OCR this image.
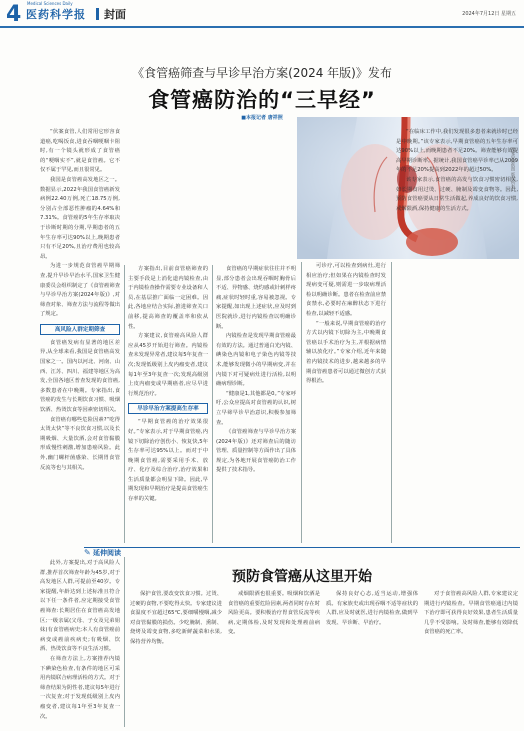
4 Medical Sciences Daily
医药科学报 封面	2024年7月12日 星期五
《食管癌筛查与早诊早治方案(2024 年版)》发布
食管癌防治的“三早经”
■本报记者 唐祥照
视觉中国供图 版权所有

“伏案食管,人们常用它形容食道癌,吃喝饭食,进食吞咽哽咽卡阻时,有一个镜头就形成了食管癌的“哽咽实不”,就是食管癌。它不仅不属于罕见,而且很常见。

我国是食管癌高发地区之一。数据显示,2022年我国食管癌新发病例22.40万例,死亡18.75万例,分别占全部恶性肿瘤的4.64%和7.31%。食管癌的5年生存率取决于诊断时期的分期,早期患者的五年生存率可达90%以上,晚期患者只有不足20%,且治疗费用也较高昂。

为进一步规范食管癌早期筛查,提升早诊早治水平,国家卫生健康委员会组织制定了《食管癌筛查与早诊早治方案(2024年版)》,对筛查对象、筛查方法与流程等做出了规定。

高风险人群定期筛查

食管癌发病有显著的地区差异,从全球来看,我国是食管癌高发国家之一。国内以河北、河南、山西、江苏、四川、福建等地区为高发,全国各地区普查发现的食管癌,多数患者在中晚期。专家指出,食管癌的发生与长期饮食习惯、吸烟饮酒、热烫饮食等因素密切相关。

食管癌有哪些危险因素?“吃得太烫太快”等不良饮食习惯,以及长期吸烟、大量饮酒,会对食管黏膜形成慢性刺激,增加患癌风险。此外,幽门螺杆菌感染、长期胃食管反流等也与其相关。

此外,方案提出,对于高风险人群,推荐首次筛查年龄为45岁,对于高发地区人群,可提前至40岁。专家提醒,年龄达到上述标准且符合以下任一条件者,应定期接受食管癌筛查:长期居住在食管癌高发地区;一级亲属(父母、子女及兄弟姐妹)有食管癌病史;本人有食管癌前病变或癌前疾病史;有吸烟、饮酒、热烫饮食等不良生活习惯。

在筛查方法上,方案推荐内镜下碘染色检查,有条件的地区可采用内镜联合病理活检的方式。对于筛查结果为阴性者,建议每5年进行一次复查;对于发现低级别上皮内瘤变者,建议每1年至3年复查一次。

方案指出,目前食管癌筛查的主要手段是上消化道内镜检查,由于内镜检查操作需要专业设备和人员,在基层推广面临一定困难。因此,各地应结合实际,推进筛查关口前移,提高筛查的覆盖率和依从性。

方案建议,食管癌高风险人群应从45岁开始进行筛查。内镜检查未发现异常者,建议每5年复查一次;发现低级别上皮内瘤变者,建议每1年至3年复查一次;发现高级别上皮内瘤变或早期癌者,应尽早进行规范治疗。

早诊早治方案提高生存率

“早期食管癌的治疗效果很好。”专家表示,对于早期食管癌,内镜下切除治疗创伤小、恢复快,5年生存率可达95%以上。而对于中晚期食管癌,需要采用手术、放疗、化疗及综合治疗,治疗效果和生活质量都会明显下降。因此,早期发现和早期治疗是提高食管癌生存率的关键。

食管癌的早期症状往往并不明显,部分患者会出现吞咽时胸骨后不适、异物感、烧灼感或针刺样疼痛,症状时轻时重,容易被忽视。专家提醒,如出现上述症状,应及时到医院就诊,进行内镜检查以明确诊断。

内镜检查是发现早期食管癌最有效的方法。通过普通白光内镜、碘染色内镜和电子染色内镜等技术,能够发现微小的早期病变,并在内镜下对可疑病灶进行活检,以明确病理诊断。

“健康是1,其他都是0。”专家呼吁,公众应提高对食管癌的认识,树立早筛早诊早治意识,积极参加筛查。

《食管癌筛查与早诊早治方案(2024年版)》还对筛查后的随访管理、质量控制等方面作出了具体规定,为各地开展食管癌防治工作提供了技术指导。

可诊疗,可以检查到病灶,进行相应治疗;但如果在内镜检查时发现病变可疑,则需进一步取病理活检以明确诊断。患者在检查前应禁食禁水,必要时在麻醉状态下进行检查,以减轻不适感。

“一般来说,早期食管癌的治疗方式以内镜下切除为主,中晚期食管癌以手术治疗为主,并根据病情辅以放化疗。”专家介绍,近年来随着内镜技术的进步,越来越多的早期食管癌患者可以通过微创方式获得根治。

“在临床工作中,我们发现很多患者来就诊时已经是中晚期。”该专家表示,早期食管癌的五年生存率可达90%以上,而晚期患者不足20%。筛查能够有效提高早期诊断率。据统计,我国食管癌早诊率已从2009年的不足20%提高到2022年的超过50%。

该专家表示,食管癌的高发与饮食习惯密切相关,如长期食用过烫、过硬、腌制及霉变食物等。因此,预防食管癌要从日常生活做起,养成良好的饮食习惯,戒烟限酒,保持健康的生活方式。

✎ 延伸阅读
预防食管癌从这里开始

保护食管,要改变饮食习惯。过烫、过硬的食物,不要吃得太快。专家建议进食温度不宜超过65℃,要细嚼慢咽,减少对食管黏膜的损伤。少吃腌制、熏制、烧烤及霉变食物,多吃新鲜蔬菜和水果,保持营养均衡。

戒烟限酒也很重要。吸烟和饮酒是食管癌的重要危险因素,两者同时存在时风险更高。要积极治疗胃食管反流等疾病,定期体检,及时发现和处理癌前病变。

保持良好心态,适当运动,增强体质。有家族史或出现吞咽不适等症状的人群,应及时就医,进行内镜检查,做到早发现、早诊断、早治疗。

对于食管癌高风险人群,专家建议定期进行内镜检查。早期食管癌通过内镜下治疗即可获得良好效果,患者生活质量几乎不受影响。及时筛查,能够有效降低食管癌的死亡率。
